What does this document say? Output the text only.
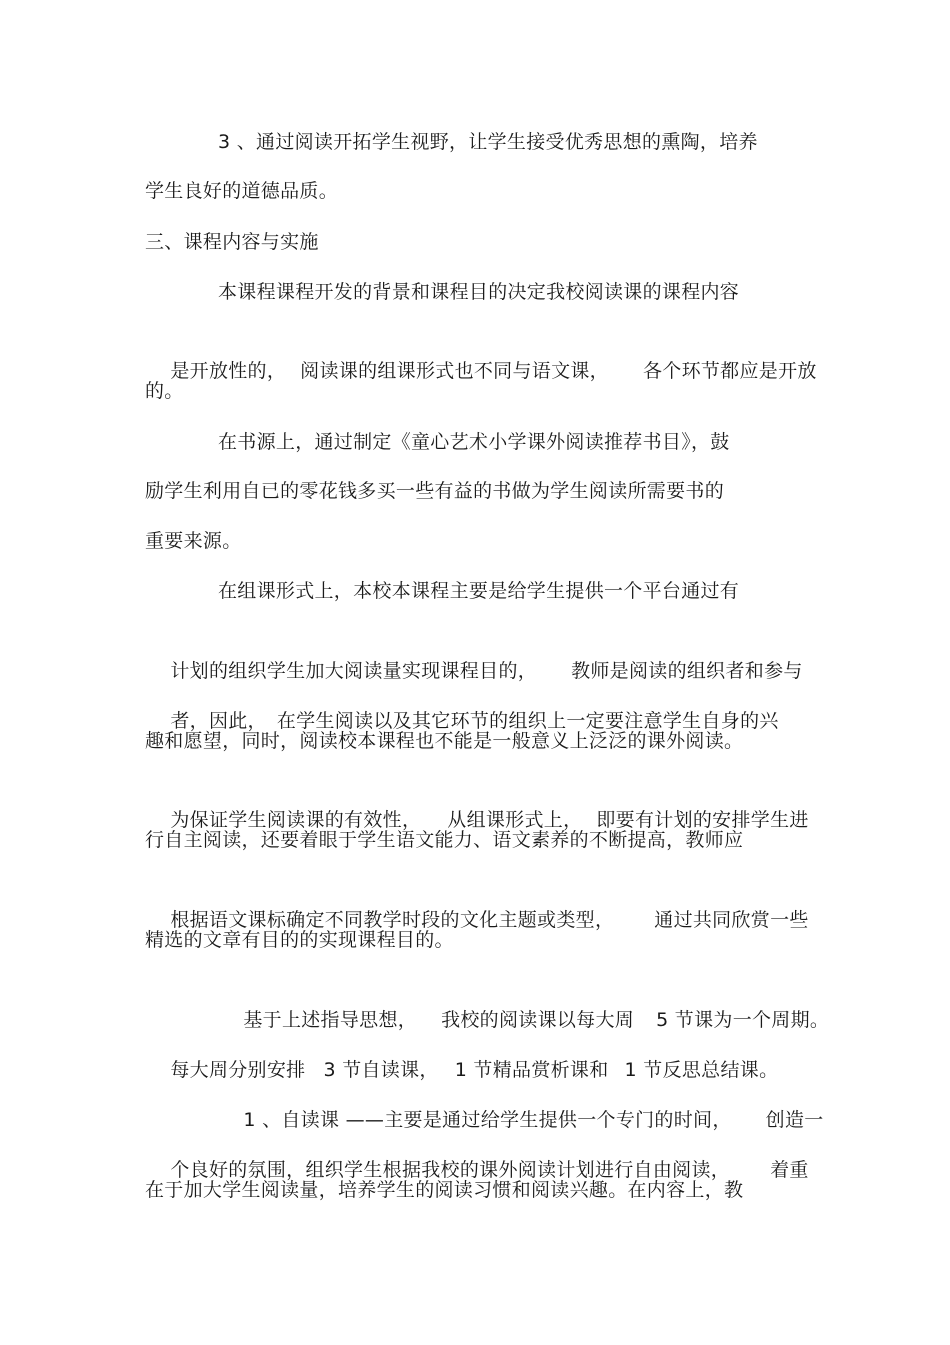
3 、通过阅读开拓学生视野，让学生接受优秀思想的熏陶，培养
学生良好的道德品质。
三、课程内容与实施
本课程课程开发的背景和课程目的决定我校阅读课的课程内容

是开放性的， 阅读课的组课形式也不同与语文课， 各个环节都应是开放

的。
在书源上，通过制定《童心艺术小学课外阅读推荐书目》，鼓
励学生利用自已的零花钱多买一些有益的书做为学生阅读所需要书的
重要来源。
在组课形式上，本校本课程主要是给学生提供一个平台通过有

计划的组织学生加大阅读量实现课程目的， 教师是阅读的组织者和参与

者，因此， 在学生阅读以及其它环节的组织上一定要注意学生自身的兴

趣和愿望，同时，阅读校本课程也不能是一般意义上泛泛的课外阅读。

为保证学生阅读课的有效性， 从组课形式上， 即要有计划的安排学生进

行自主阅读，还要着眼于学生语文能力、语文素养的不断提高，教师应

根据语文课标确定不同教学时段的文化主题或类型， 通过共同欣赏一些

精选的文章有目的的实现课程目的。

基于上述指导思想， 我校的阅读课以每大周 5 节课为一个周期。

每大周分别安排 3 节自读课， 1 节精品赏析课和 1 节反思总结课。

1 、自读课 ——主要是通过给学生提供一个专门的时间， 创造一

个良好的氛围，组织学生根据我校的课外阅读计划进行自由阅读， 着重

在于加大学生阅读量，培养学生的阅读习惯和阅读兴趣。在内容上，教
